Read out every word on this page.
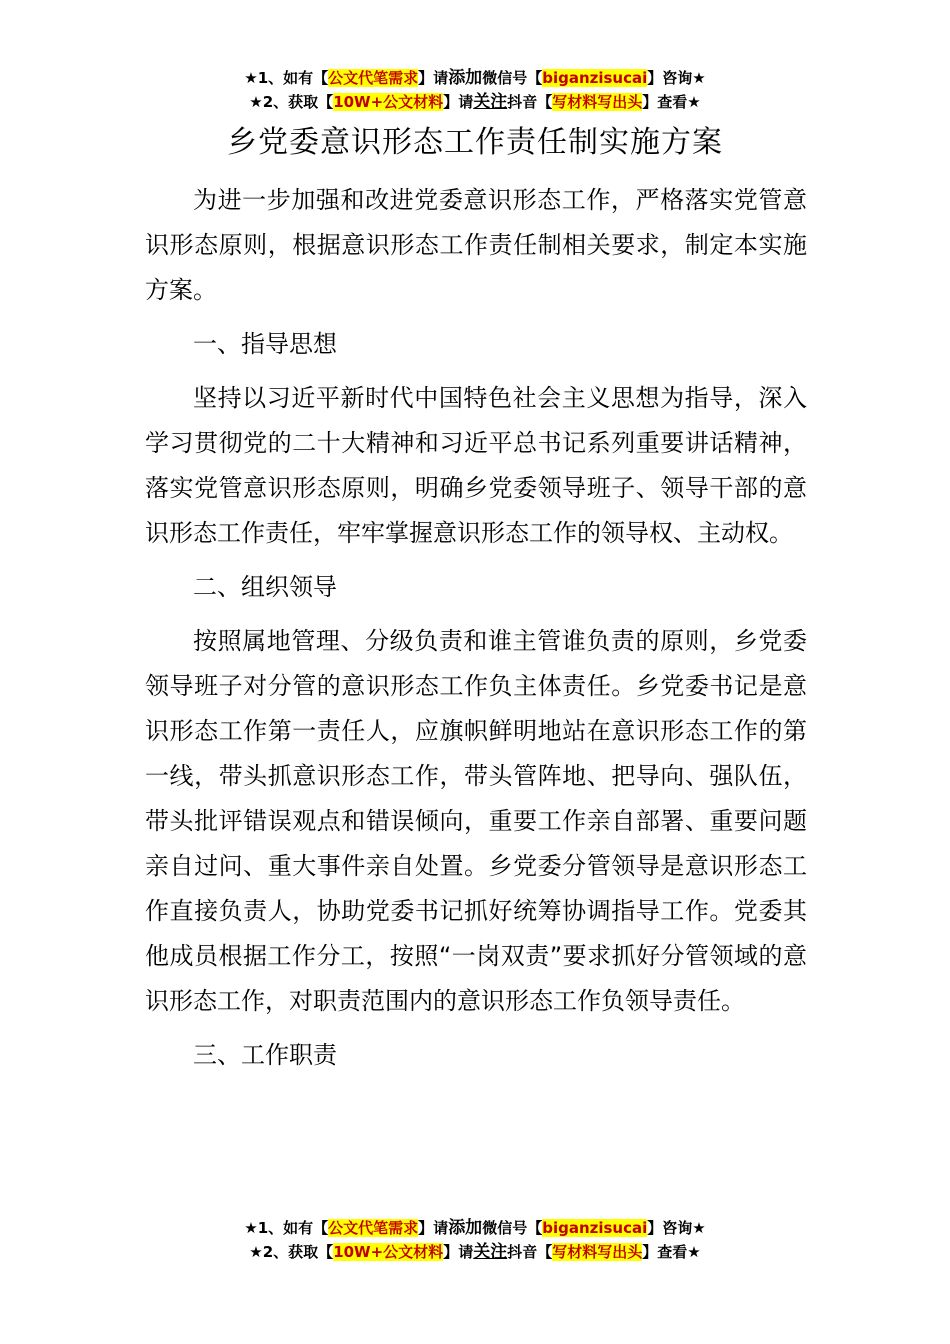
★1、如有【公文代笔需求】请添加微信号【biganzisucai】咨询★
★2、获取【10W+公文材料】请关注抖音【写材料写出头】查看★
乡党委意识形态工作责任制实施方案

为进一步加强和改进党委意识形态工作，严格落实党管意识形态原则，根据意识形态工作责任制相关要求，制定本实施方案。

一、指导思想

坚持以习近平新时代中国特色社会主义思想为指导，深入学习贯彻党的二十大精神和习近平总书记系列重要讲话精神，落实党管意识形态原则，明确乡党委领导班子、领导干部的意识形态工作责任，牢牢掌握意识形态工作的领导权、主动权。

二、组织领导

按照属地管理、分级负责和谁主管谁负责的原则，乡党委领导班子对分管的意识形态工作负主体责任。乡党委书记是意识形态工作第一责任人，应旗帜鲜明地站在意识形态工作的第一线，带头抓意识形态工作，带头管阵地、把导向、强队伍，带头批评错误观点和错误倾向，重要工作亲自部署、重要问题亲自过问、重大事件亲自处置。乡党委分管领导是意识形态工作直接负责人，协助党委书记抓好统筹协调指导工作。党委其他成员根据工作分工，按照“一岗双责”要求抓好分管领域的意识形态工作，对职责范围内的意识形态工作负领导责任。

三、工作职责

★1、如有【公文代笔需求】请添加微信号【biganzisucai】咨询★
★2、获取【10W+公文材料】请关注抖音【写材料写出头】查看★
